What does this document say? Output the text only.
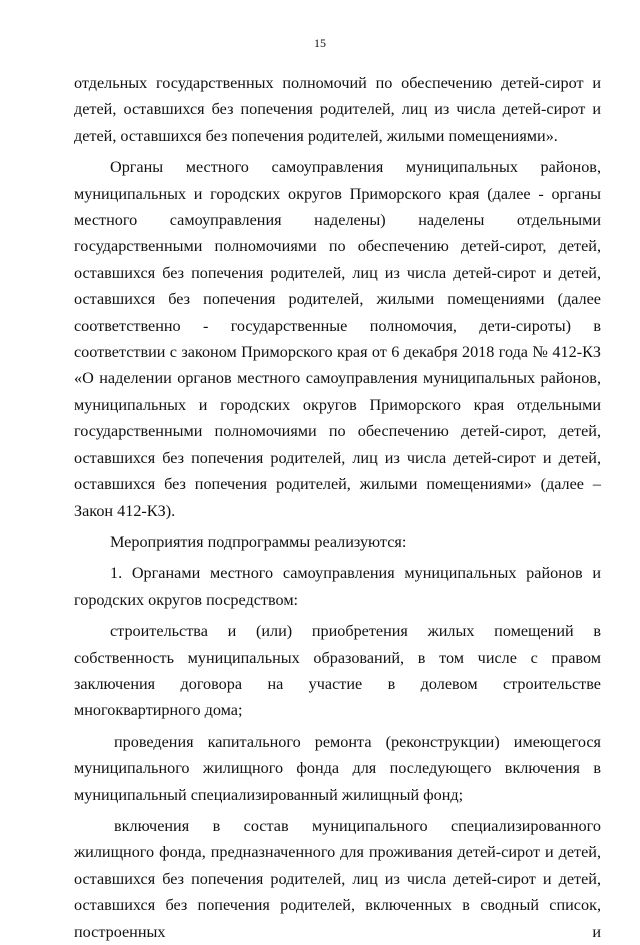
15

отдельных государственных полномочий по обеспечению детей-сирот и детей, оставшихся без попечения родителей, лиц из числа детей-сирот и детей, оставшихся без попечения родителей, жилыми помещениями».

Органы местного самоуправления муниципальных районов, муниципальных и городских округов Приморского края (далее - органы местного самоуправления наделены) наделены отдельными государственными полномочиями по обеспечению детей-сирот, детей, оставшихся без попечения родителей, лиц из числа детей-сирот и детей, оставшихся без попечения родителей, жилыми помещениями (далее соответственно - государственные полномочия, дети-сироты) в соответствии с законом Приморского края от 6 декабря 2018 года № 412-КЗ «О наделении органов местного самоуправления муниципальных районов, муниципальных и городских округов Приморского края отдельными государственными полномочиями по обеспечению детей-сирот, детей, оставшихся без попечения родителей, лиц из числа детей-сирот и детей, оставшихся без попечения родителей, жилыми помещениями» (далее – Закон 412-КЗ).

Мероприятия подпрограммы реализуются:

1. Органами местного самоуправления муниципальных районов и городских округов посредством:

строительства и (или) приобретения жилых помещений в собственность муниципальных образований, в том числе с правом заключения договора на участие в долевом строительстве многоквартирного дома;

проведения капитального ремонта (реконструкции) имеющегося муниципального жилищного фонда для последующего включения в муниципальный специализированный жилищный фонд;

включения в состав муниципального специализированного жилищного фонда, предназначенного для проживания детей-сирот и детей, оставшихся без попечения родителей, лиц из числа детей-сирот и детей, оставшихся без попечения родителей, включенных в сводный список, построенных и
